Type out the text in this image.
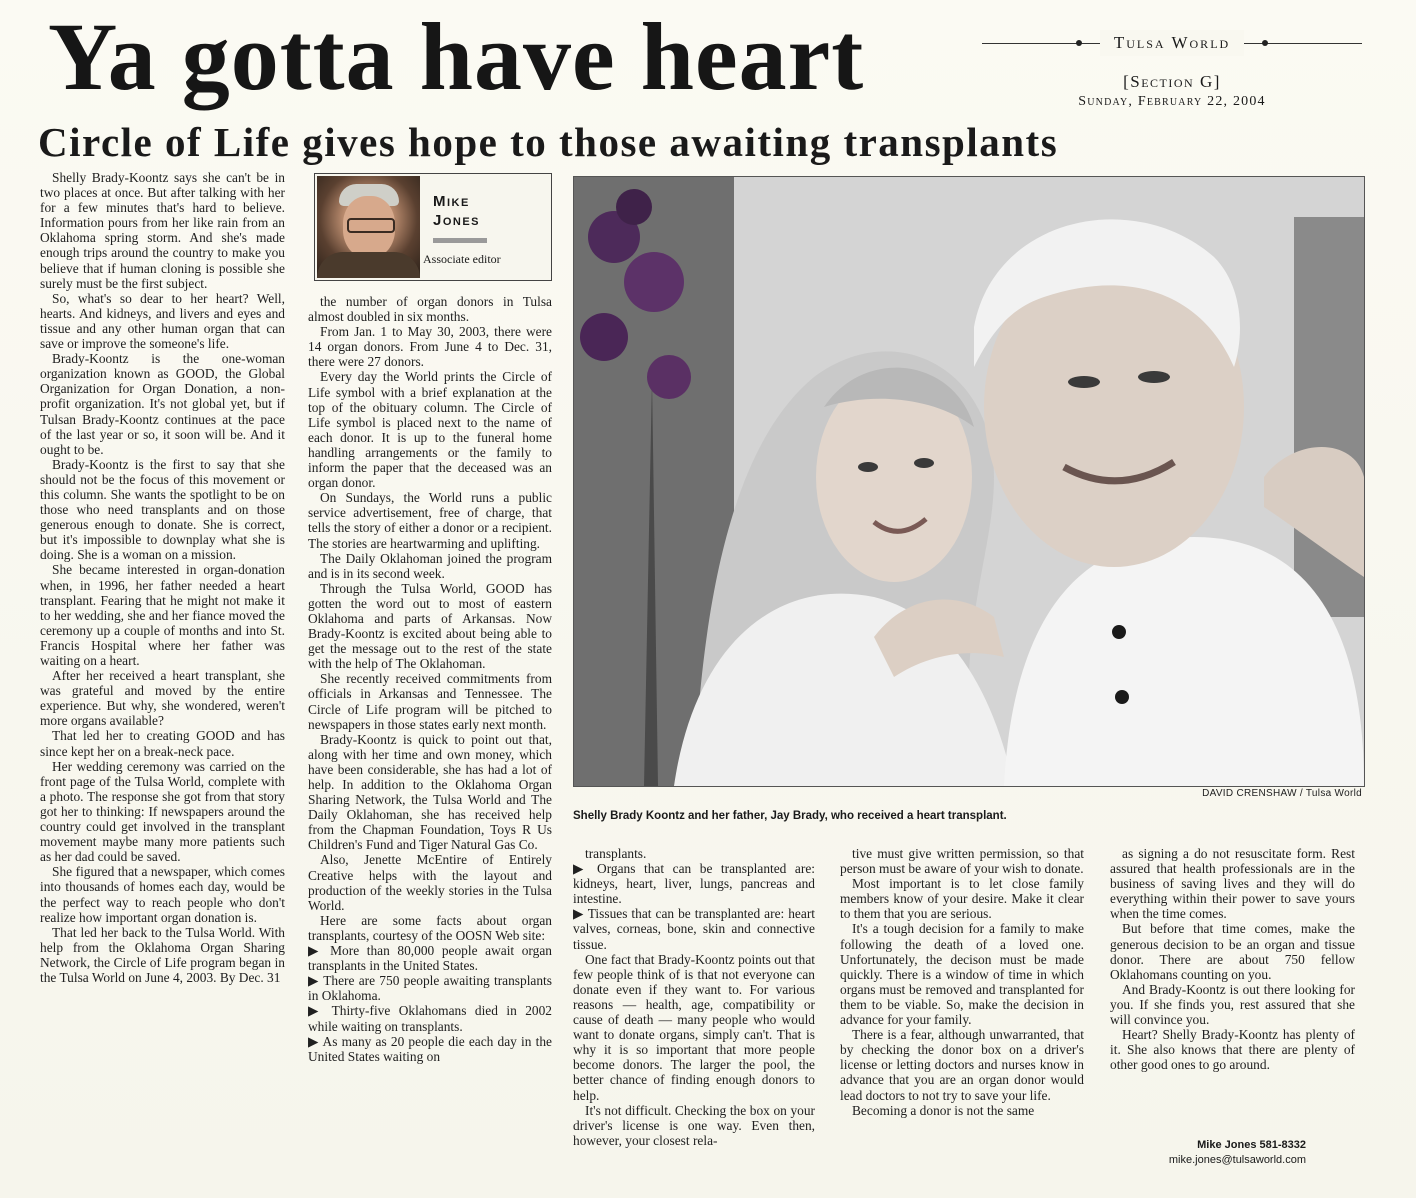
Ya gotta have heart
Circle of Life gives hope to those awaiting transplants
Tulsa World
[Section G]
Sunday, February 22, 2004
Mike
Jones
Associate editor

Shelly Brady-Koontz says she can't be in two places at once. But after talking with her for a few minutes that's hard to believe. Information pours from her like rain from an Oklahoma spring storm. And she's made enough trips around the country to make you believe that if human cloning is possible she surely must be the first subject.

So, what's so dear to her heart? Well, hearts. And kidneys, and livers and eyes and tissue and any other human organ that can save or improve the someone's life.

Brady-Koontz is the one-woman organization known as GOOD, the Global Organization for Organ Donation, a non-profit organization. It's not global yet, but if Tulsan Brady-Koontz continues at the pace of the last year or so, it soon will be. And it ought to be.

Brady-Koontz is the first to say that she should not be the focus of this movement or this column. She wants the spotlight to be on those who need transplants and on those generous enough to donate. She is correct, but it's impossible to downplay what she is doing. She is a woman on a mission.

She became interested in organ-donation when, in 1996, her father needed a heart transplant. Fearing that he might not make it to her wedding, she and her fiance moved the ceremony up a couple of months and into St. Francis Hospital where her father was waiting on a heart.

After her received a heart transplant, she was grateful and moved by the entire experience. But why, she wondered, weren't more organs available?

That led her to creating GOOD and has since kept her on a break-neck pace.

Her wedding ceremony was carried on the front page of the Tulsa World, complete with a photo. The response she got from that story got her to thinking: If newspapers around the country could get involved in the transplant movement maybe many more patients such as her dad could be saved.

She figured that a newspaper, which comes into thousands of homes each day, would be the perfect way to reach people who don't realize how important organ donation is.

That led her back to the Tulsa World. With help from the Oklahoma Organ Sharing Network, the Circle of Life program began in the Tulsa World on June 4, 2003. By Dec. 31

the number of organ donors in Tulsa almost doubled in six months.

From Jan. 1 to May 30, 2003, there were 14 organ donors. From June 4 to Dec. 31, there were 27 donors.

Every day the World prints the Circle of Life symbol with a brief explanation at the top of the obituary column. The Circle of Life symbol is placed next to the name of each donor. It is up to the funeral home handling arrangements or the family to inform the paper that the deceased was an organ donor.

On Sundays, the World runs a public service advertisement, free of charge, that tells the story of either a donor or a recipient. The stories are heartwarming and uplifting.

The Daily Oklahoman joined the program and is in its second week.

Through the Tulsa World, GOOD has gotten the word out to most of eastern Oklahoma and parts of Arkansas. Now Brady-Koontz is excited about being able to get the message out to the rest of the state with the help of The Oklahoman.

She recently received commitments from officials in Arkansas and Tennessee. The Circle of Life program will be pitched to newspapers in those states early next month.

Brady-Koontz is quick to point out that, along with her time and own money, which have been considerable, she has had a lot of help. In addition to the Oklahoma Organ Sharing Network, the Tulsa World and The Daily Oklahoman, she has received help from the Chapman Foundation, Toys R Us Children's Fund and Tiger Natural Gas Co.

Also, Jenette McEntire of Entirely Creative helps with the layout and production of the weekly stories in the Tulsa World.

Here are some facts about organ transplants, courtesy of the OOSN Web site:

▶ More than 80,000 people await organ transplants in the United States.

▶ There are 750 people awaiting transplants in Oklahoma.

▶ Thirty-five Oklahomans died in 2002 while waiting on transplants.

▶ As many as 20 people die each day in the United States waiting on

DAVID CRENSHAW / Tulsa World
Shelly Brady Koontz and her father, Jay Brady, who received a heart transplant.

transplants.

▶ Organs that can be transplanted are: kidneys, heart, liver, lungs, pancreas and intestine.

▶ Tissues that can be transplanted are: heart valves, corneas, bone, skin and connective tissue.

One fact that Brady-Koontz points out that few people think of is that not everyone can donate even if they want to. For various reasons — health, age, compatibility or cause of death — many people who would want to donate organs, simply can't. That is why it is so important that more people become donors. The larger the pool, the better chance of finding enough donors to help.

It's not difficult. Checking the box on your driver's license is one way. Even then, however, your closest rela-

tive must give written permission, so that person must be aware of your wish to donate.

Most important is to let close family members know of your desire. Make it clear to them that you are serious.

It's a tough decision for a family to make following the death of a loved one. Unfortunately, the decison must be made quickly. There is a window of time in which organs must be removed and transplanted for them to be viable. So, make the decision in advance for your family.

There is a fear, although unwarranted, that by checking the donor box on a driver's license or letting doctors and nurses know in advance that you are an organ donor would lead doctors to not try to save your life.

Becoming a donor is not the same

as signing a do not resuscitate form. Rest assured that health professionals are in the business of saving lives and they will do everything within their power to save yours when the time comes.

But before that time comes, make the generous decision to be an organ and tissue donor. There are about 750 fellow Oklahomans counting on you.

And Brady-Koontz is out there looking for you. If she finds you, rest assured that she will convince you.

Heart? Shelly Brady-Koontz has plenty of it. She also knows that there are plenty of other good ones to go around.

Mike Jones 581-8332
mike.jones@tulsaworld.com
